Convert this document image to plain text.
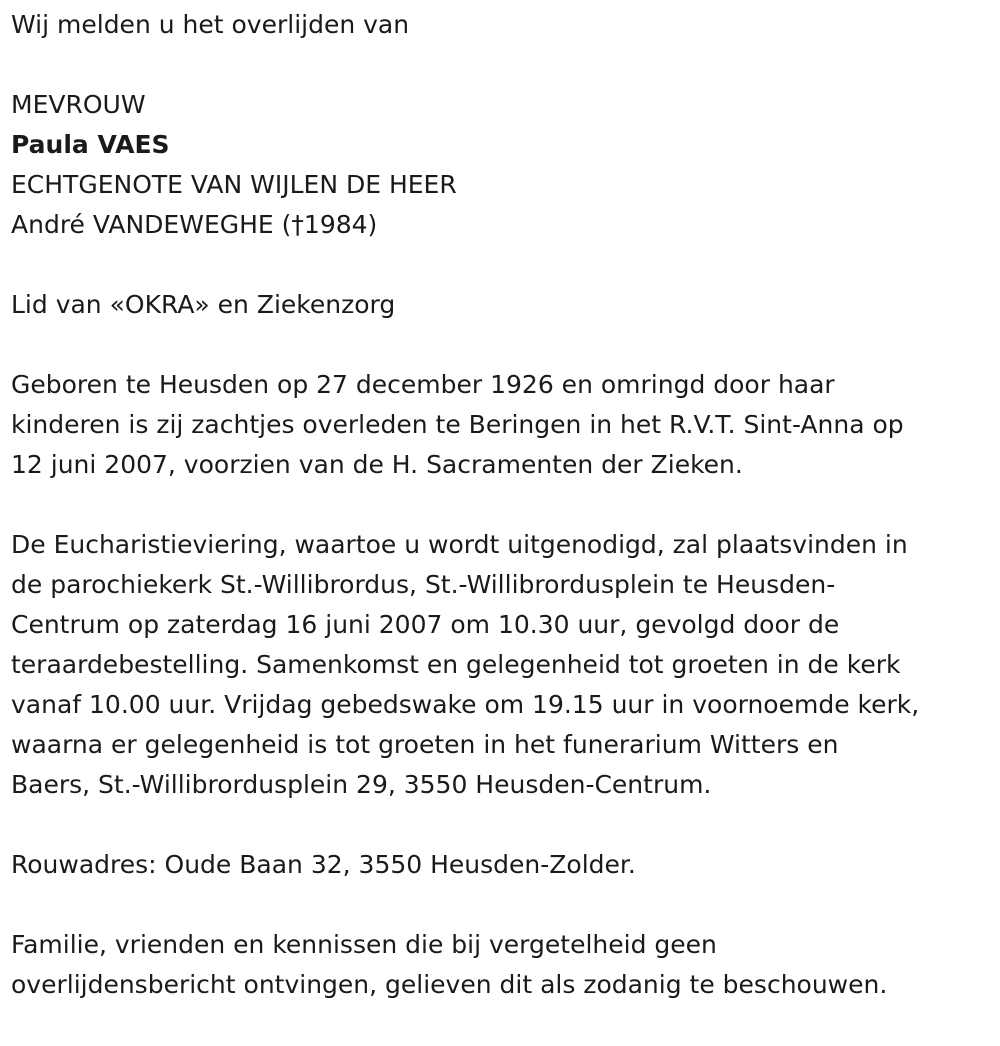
Wij melden u het overlijden van
MEVROUW
Paula VAES
ECHTGENOTE VAN WIJLEN DE HEER
André VANDEWEGHE (†1984)
Lid van «OKRA» en Ziekenzorg
Geboren te Heusden op 27 december 1926 en omringd door haar
kinderen is zij zachtjes overleden te Beringen in het R.V.T. Sint-Anna op
12 juni 2007, voorzien van de H. Sacramenten der Zieken.
De Eucharistieviering, waartoe u wordt uitgenodigd, zal plaatsvinden in
de parochiekerk St.-Willibrordus, St.-Willibrordusplein te Heusden-
Centrum op zaterdag 16 juni 2007 om 10.30 uur, gevolgd door de
teraardebestelling. Samenkomst en gelegenheid tot groeten in de kerk
vanaf 10.00 uur. Vrijdag gebedswake om 19.15 uur in voornoemde kerk,
waarna er gelegenheid is tot groeten in het funerarium Witters en
Baers, St.-Willibrordusplein 29, 3550 Heusden-Centrum.
Rouwadres: Oude Baan 32, 3550 Heusden-Zolder.
Familie, vrienden en kennissen die bij vergetelheid geen
overlijdensbericht ontvingen, gelieven dit als zodanig te beschouwen.
